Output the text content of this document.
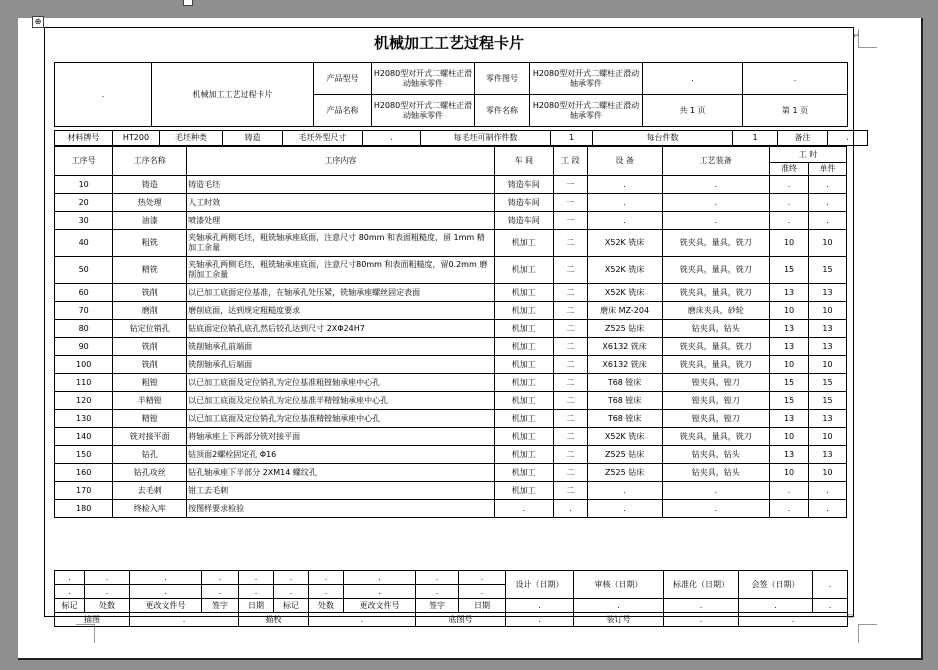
⊕
机械加工工艺过程卡片
.	机械加工工艺过程卡片	产品型号	H2080型对开式二螺柱正滑动轴承零件	零件图号	H2080型对开式二螺柱正滑动轴承零件	.	.
		产品名称	H2080型对开式二螺柱正滑动轴承零件	零件名称	H2080型对开式二螺柱正滑动轴承零件	共 1 页	第 1 页
材料牌号	HT200	毛坯种类	铸造	毛坯外型尺寸	.	每毛坯可制作件数	1	每台件数	1	备注	.
工序号	工序名称	工序内容	车 间	工 段	设 备	工艺装备	工 时	
							准终	单件
10	铸造	铸造毛坯	铸造车间	一	.	.	.	.
20	热处理	人工时效	铸造车间	一	.	.	.	.
30	油漆	喷漆处理	铸造车间	一	.	.	.	.
40	粗铣	夹轴承孔两侧毛坯，粗铣轴承座底面，注意尺寸 80mm 和表面粗糙度，留 1mm 精加工余量	机加工	二	X52K 铣床	铣夹具，量具，铣刀	10	10
50	精铣	夹轴承孔两侧毛坯，粗铣轴承座底面，注意尺寸80mm 和表面粗糙度，留0.2mm 磨削加工余量	机加工	二	X52K 铣床	铣夹具，量具，铣刀	15	15
60	铣削	以已加工底面定位基准，在轴承孔处压紧，铣轴承座螺丝固定表面	机加工	二	X52K 铣床	铣夹具，量具，铣刀	13	13
70	磨削	磨削底面，达到规定粗糙度要求	机加工	二	磨床 MZ-204	磨床夹具，砂轮	10	10
80	钻定位销孔	钻底面定位销孔底孔然后铰孔达到尺寸 2XΦ24H7	机加工	二	Z525 钻床	钻夹具，钻头	13	13
90	铣削	铣削轴承孔前端面	机加工	二	X6132 铣床	铣夹具，量具，铣刀	13	13
100	铣削	铣削轴承孔后端面	机加工	二	X6132 铣床	铣夹具，量具，铣刀	10	10
110	粗镗	以已加工底面及定位销孔为定位基准粗镗轴承座中心孔	机加工	二	T68 镗床	镗夹具，镗刀	15	15
120	半精镗	以已加工底面及定位销孔为定位基准半精镗轴承座中心孔	机加工	二	T68 镗床	镗夹具，镗刀	15	15
130	精镗	以已加工底面及定位销孔为定位基准精镗轴承座中心孔	机加工	二	T68 镗床	镗夹具，镗刀	13	13
140	铣对接平面	将轴承座上下两部分铣对接平面	机加工	二	X52K 铣床	铣夹具，量具，铣刀	10	10
150	钻孔	钻顶面2螺栓固定孔 Φ16	机加工	二	Z525 钻床	钻夹具，钻头	13	13
160	钻孔攻丝	钻孔轴承座下半部分 2XM14 螺纹孔	机加工	二	Z525 钻床	钻夹具，钻头	10	10
170	去毛刺	钳工去毛刺	机加工	二	.	.	.	.
180	终检入库	按图样要求检验	.	.	.	.	.	.
.	.	.	.	.	.	.	.	.	.	设计（日期）	审核（日期）	标准化（日期）	会签（日期）	.
.	.	.	.	.	.	.	.	.	.					
标记	处数	更改文件号	签字	日期	标记	处数	更改文件号	签字	日期	.	.	.	.	.
描图		.		描校		.		底图号		.	装订号	.	.	
↵
▫
